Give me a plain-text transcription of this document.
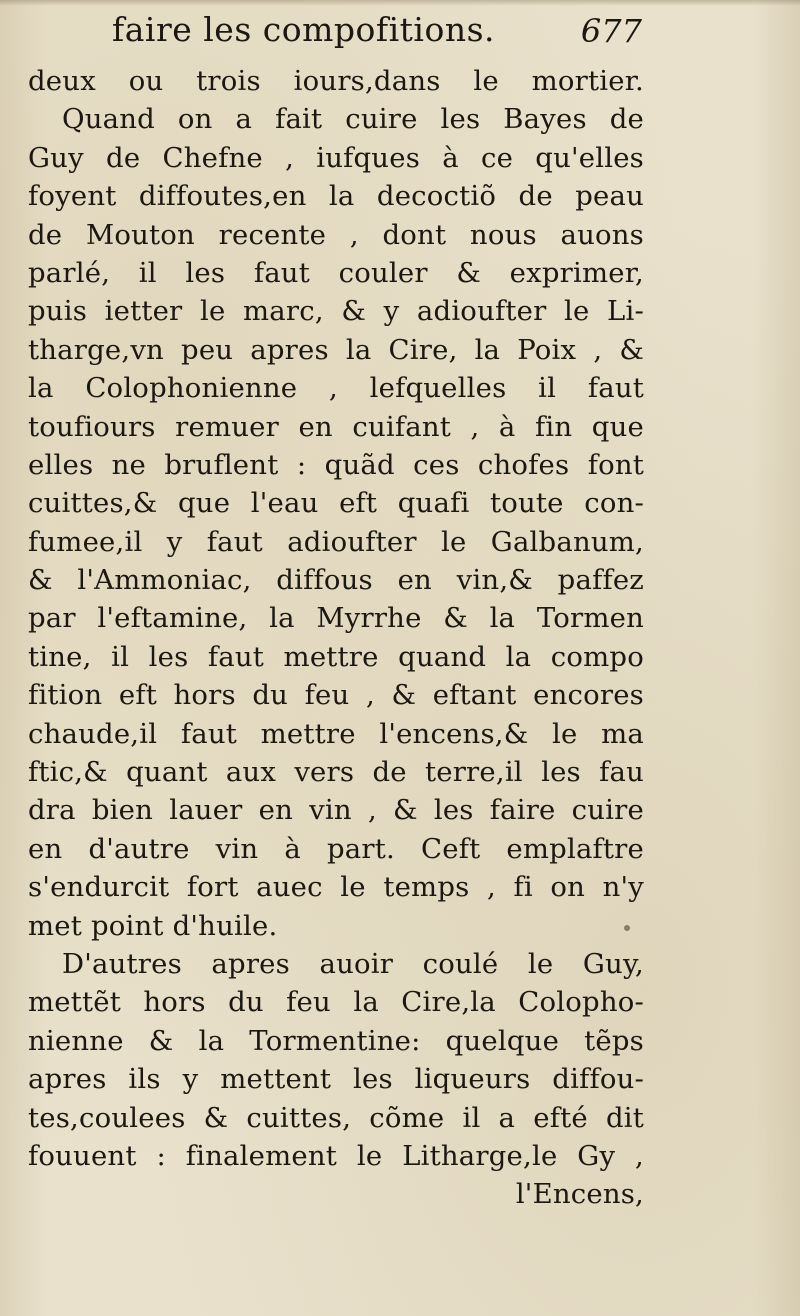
faire les compofitions.	677
deux ou trois iours,dans le mortier.
Quand on a fait cuire les Bayes de
Guy de Chefne , iufques à ce qu'elles
foyent diffoutes,en la decoctiõ de peau
de Mouton recente , dont nous auons
parlé, il les faut couler & exprimer,
puis ietter le marc, & y adioufter le Li-
tharge,vn peu apres la Cire, la Poix , &
la Colophonienne , lefquelles il faut
toufiours remuer en cuifant , à fin que
elles ne bruflent : quãd ces chofes font
cuittes,& que l'eau eft quafi toute con-
fumee,il y faut adioufter le Galbanum,
& l'Ammoniac, diffous en vin,& paffez
par l'eftamine, la Myrrhe & la Tormen
tine, il les faut mettre quand la compo
fition eft hors du feu , & eftant encores
chaude,il faut mettre l'encens,& le ma
ftic,& quant aux vers de terre,il les fau
dra bien lauer en vin , & les faire cuire
en d'autre vin à part. Ceft emplaftre
s'endurcit fort auec le temps , fi on n'y
met point d'huile.
D'autres apres auoir coulé le Guy,
mettẽt hors du feu la Cire,la Colopho-
nienne & la Tormentine: quelque tẽps
apres ils y mettent les liqueurs diffou-
tes,coulees & cuittes, cõme il a efté dit
fouuent : finalement le Litharge,le Gy ,
l'Encens,
